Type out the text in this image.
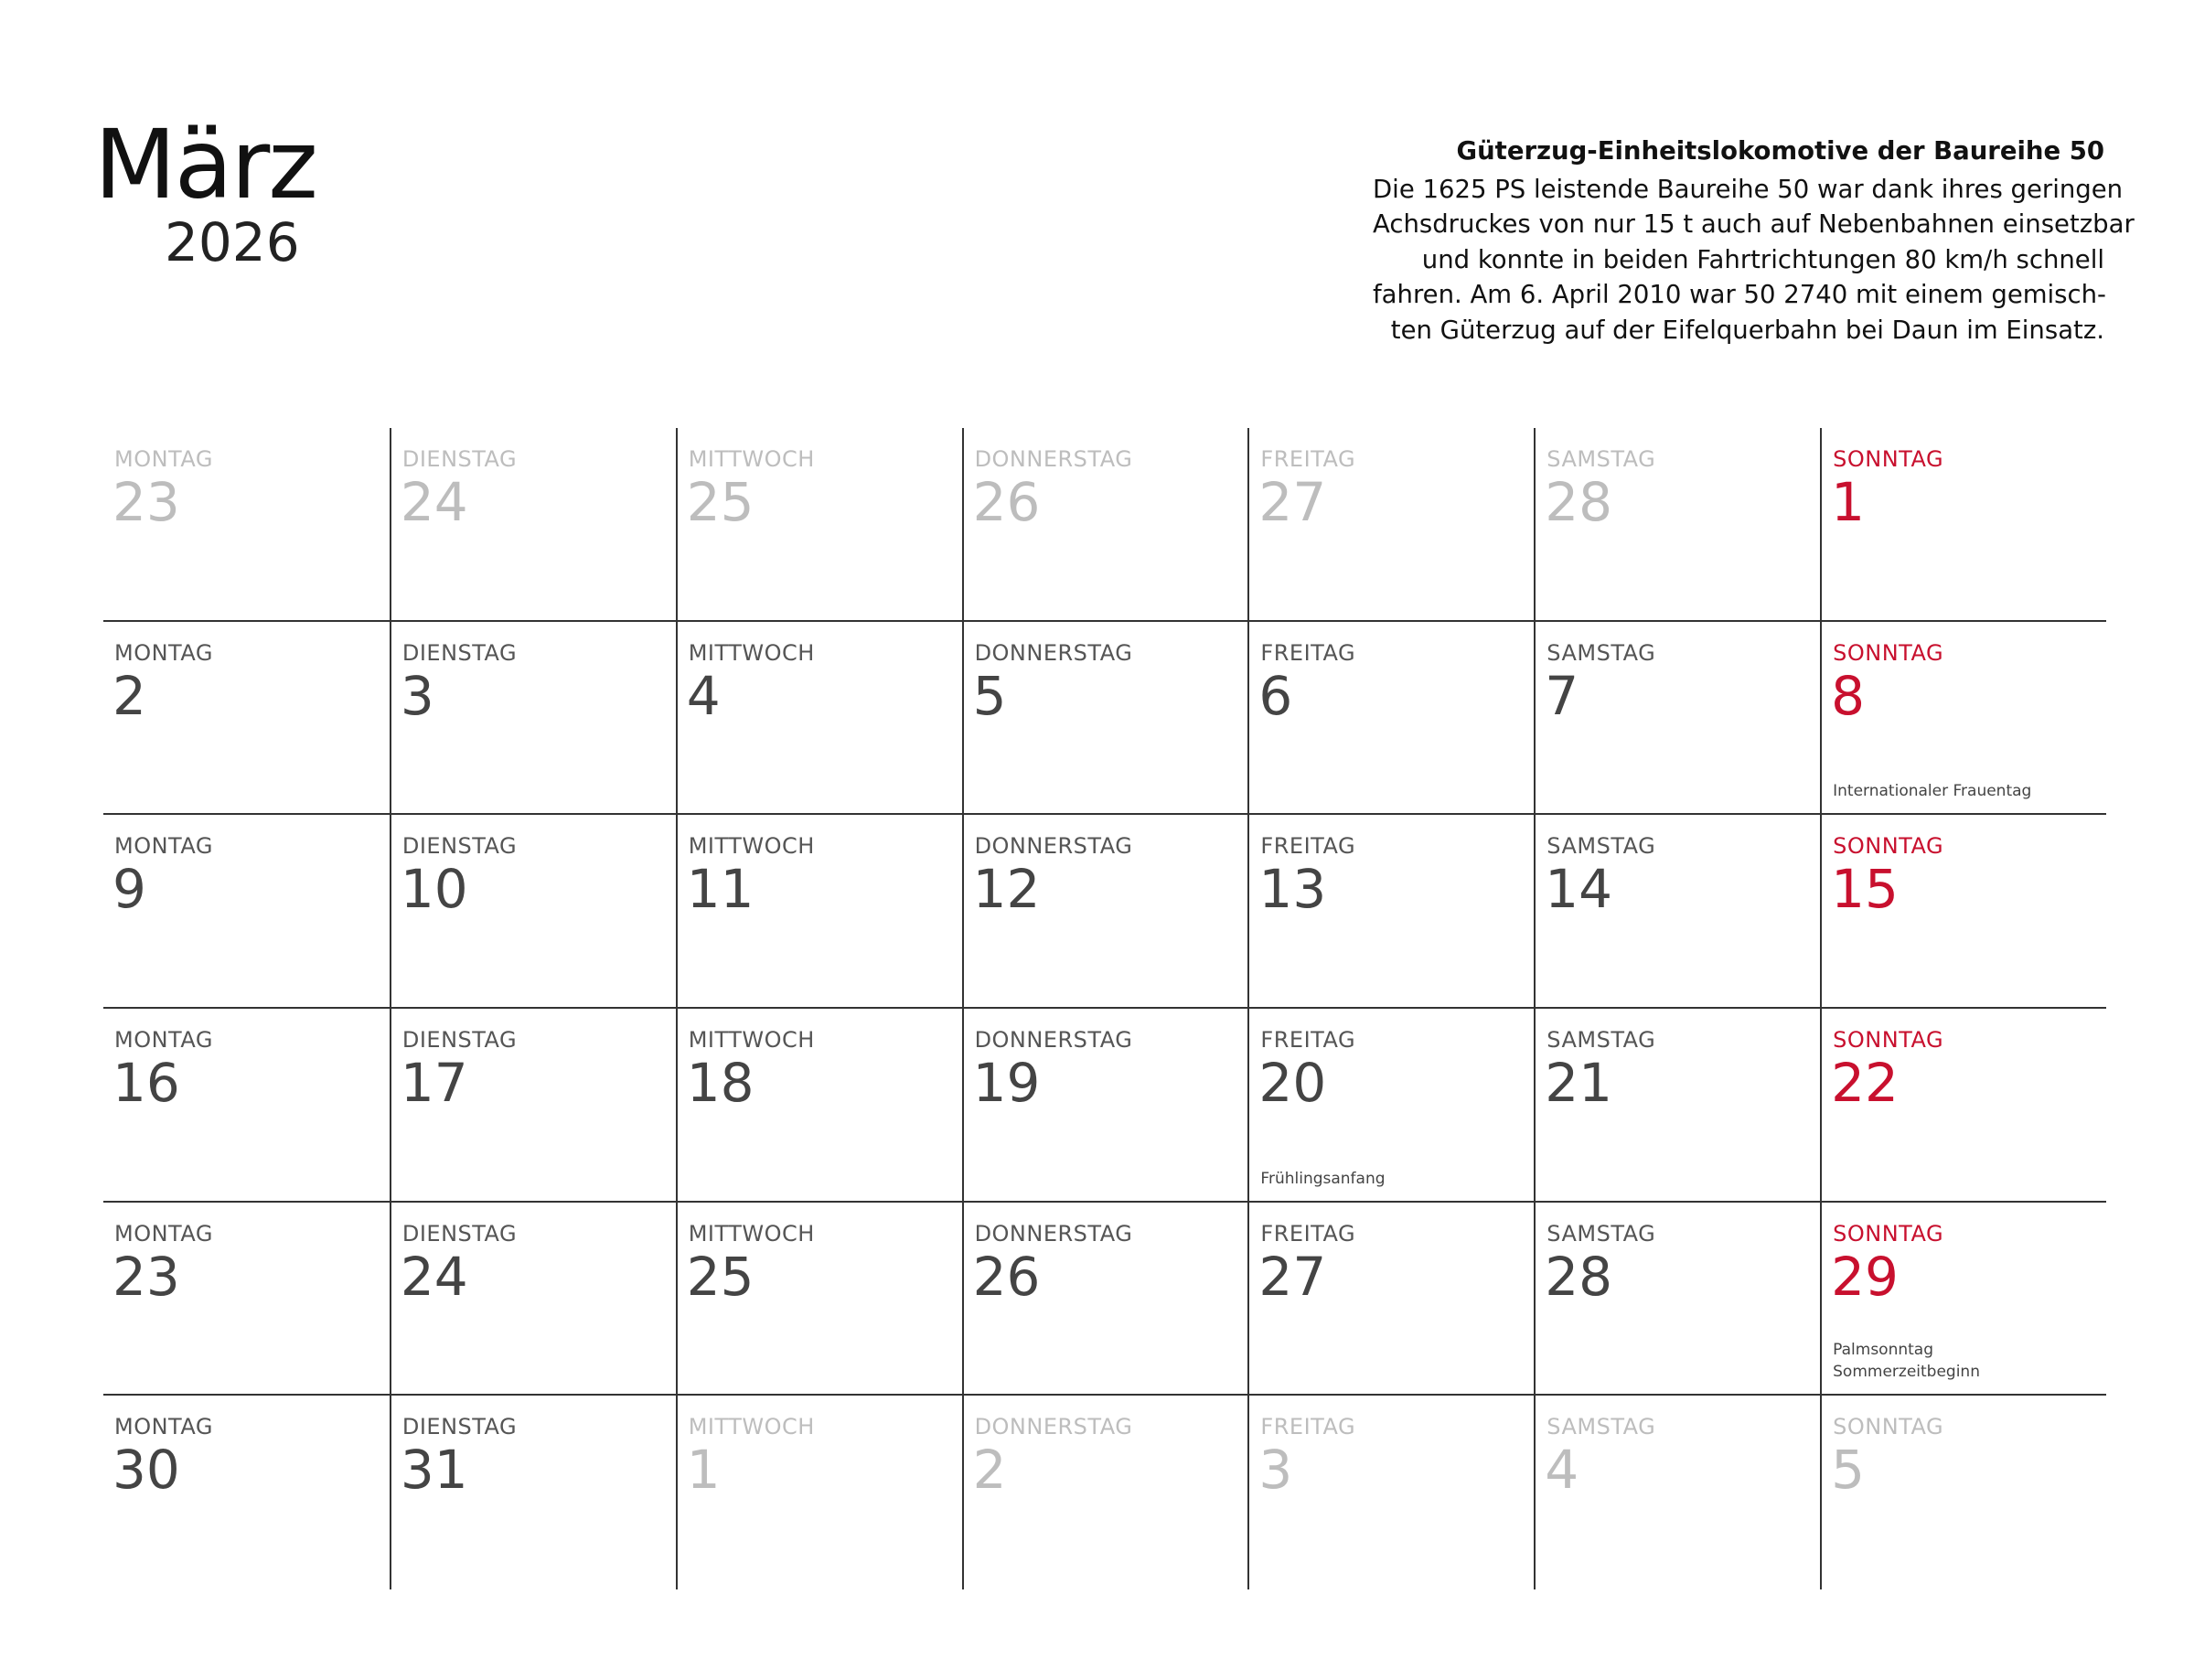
März
2026
Güterzug-Einheitslokomotive der Baureihe 50
Die 1625 PS leistende Baureihe 50 war dank ihres geringen
Achsdruckes von nur 15 t auch auf Nebenbahnen einsetzbar
und konnte in beiden Fahrtrichtungen 80 km/h schnell
fahren. Am 6. April 2010 war 50 2740 mit einem gemisch-
ten Güterzug auf der Eifelquerbahn bei Daun im Einsatz.
MONTAG
23
DIENSTAG
24
MITTWOCH
25
DONNERSTAG
26
FREITAG
27
SAMSTAG
28
SONNTAG
1
MONTAG
2
DIENSTAG
3
MITTWOCH
4
DONNERSTAG
5
FREITAG
6
SAMSTAG
7
SONNTAG
8
Internationaler Frauentag
MONTAG
9
DIENSTAG
10
MITTWOCH
11
DONNERSTAG
12
FREITAG
13
SAMSTAG
14
SONNTAG
15
MONTAG
16
DIENSTAG
17
MITTWOCH
18
DONNERSTAG
19
FREITAG
20
Frühlingsanfang
SAMSTAG
21
SONNTAG
22
MONTAG
23
DIENSTAG
24
MITTWOCH
25
DONNERSTAG
26
FREITAG
27
SAMSTAG
28
SONNTAG
29
Palmsonntag
Sommerzeitbeginn
MONTAG
30
DIENSTAG
31
MITTWOCH
1
DONNERSTAG
2
FREITAG
3
SAMSTAG
4
SONNTAG
5
